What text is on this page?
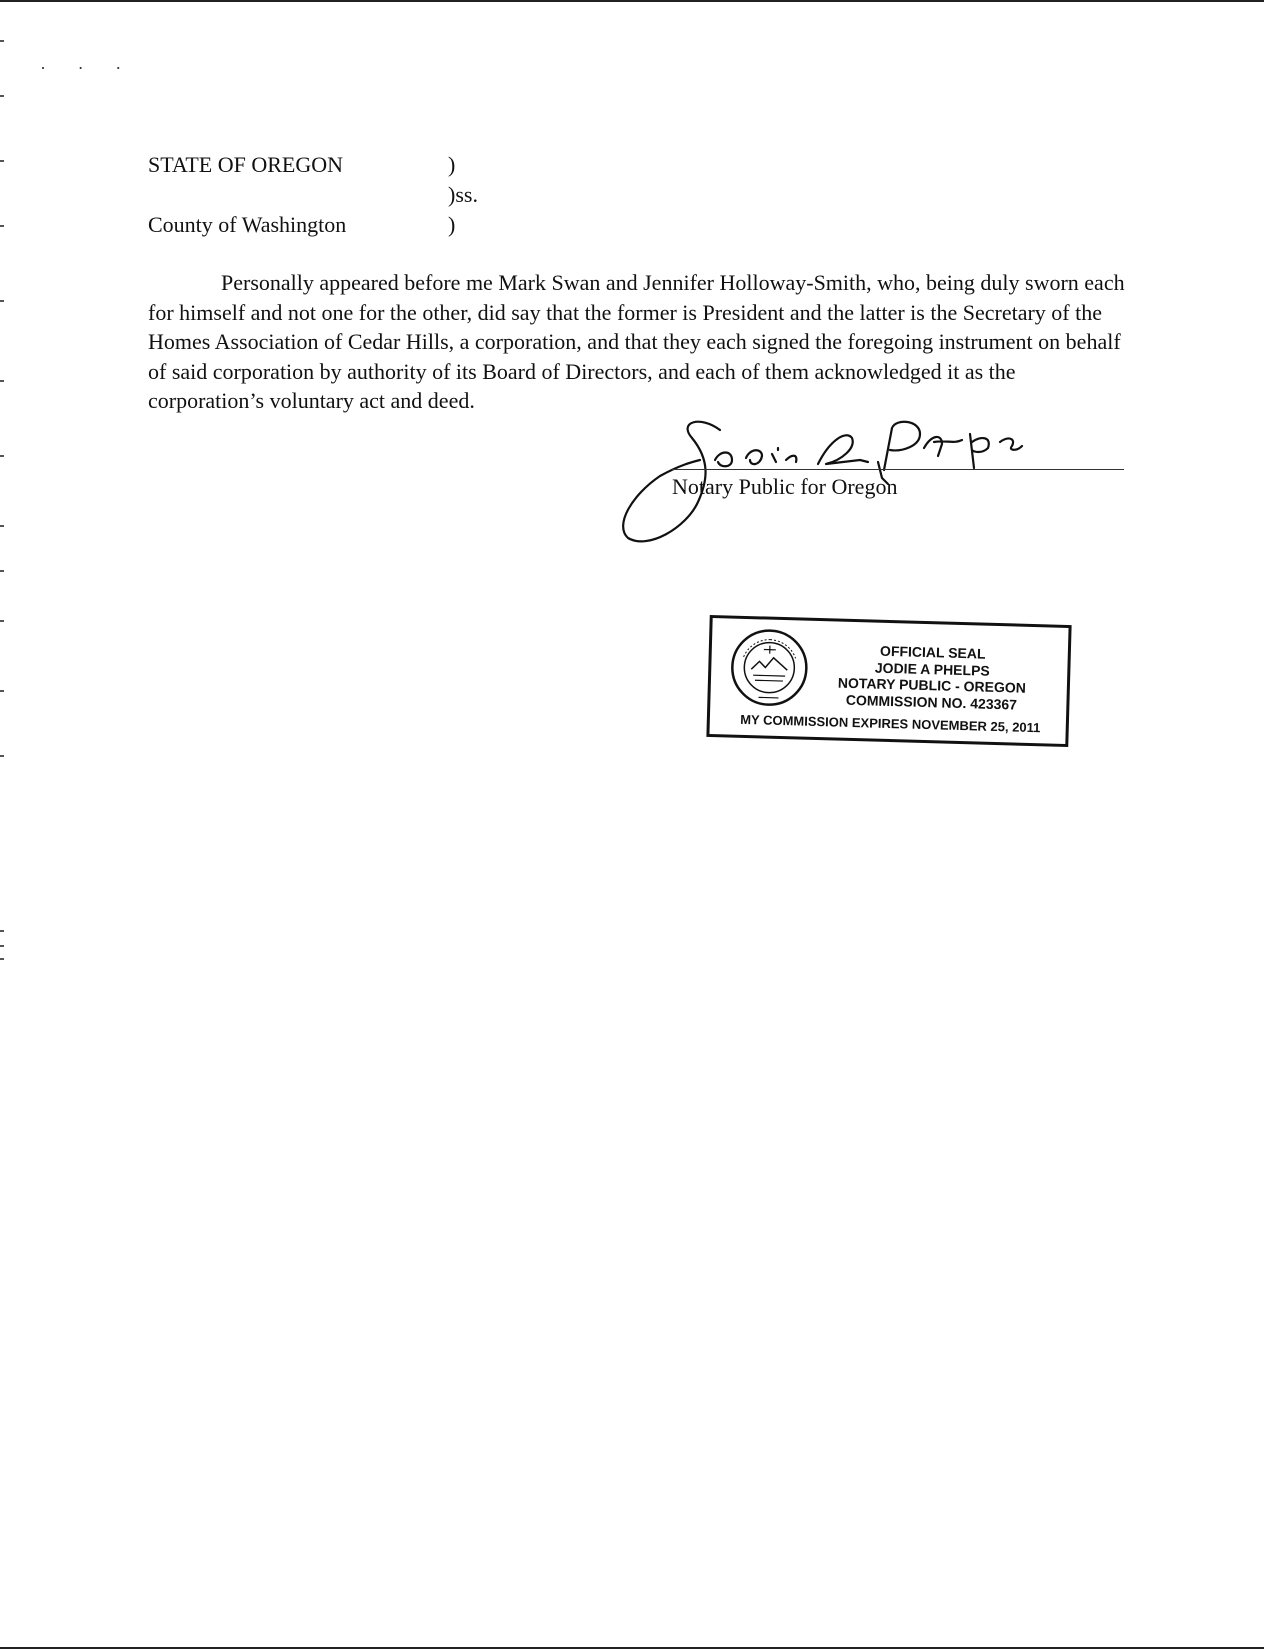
· · ·
STATE OF OREGON	)
)ss.
County of Washington	)

Personally appeared before me Mark Swan and Jennifer Holloway-Smith, who, being duly sworn each for himself and not one for the other, did say that the former is President and the latter is the Secretary of the Homes Association of Cedar Hills, a corporation, and that they each signed the foregoing instrument on behalf of said corporation by authority of its Board of Directors, and each of them acknowledged it as the corporation’s voluntary act and deed.

Notary Public for Oregon
OFFICIAL SEAL
JODIE A PHELPS
NOTARY PUBLIC - OREGON
COMMISSION NO. 423367
MY COMMISSION EXPIRES NOVEMBER 25, 2011
